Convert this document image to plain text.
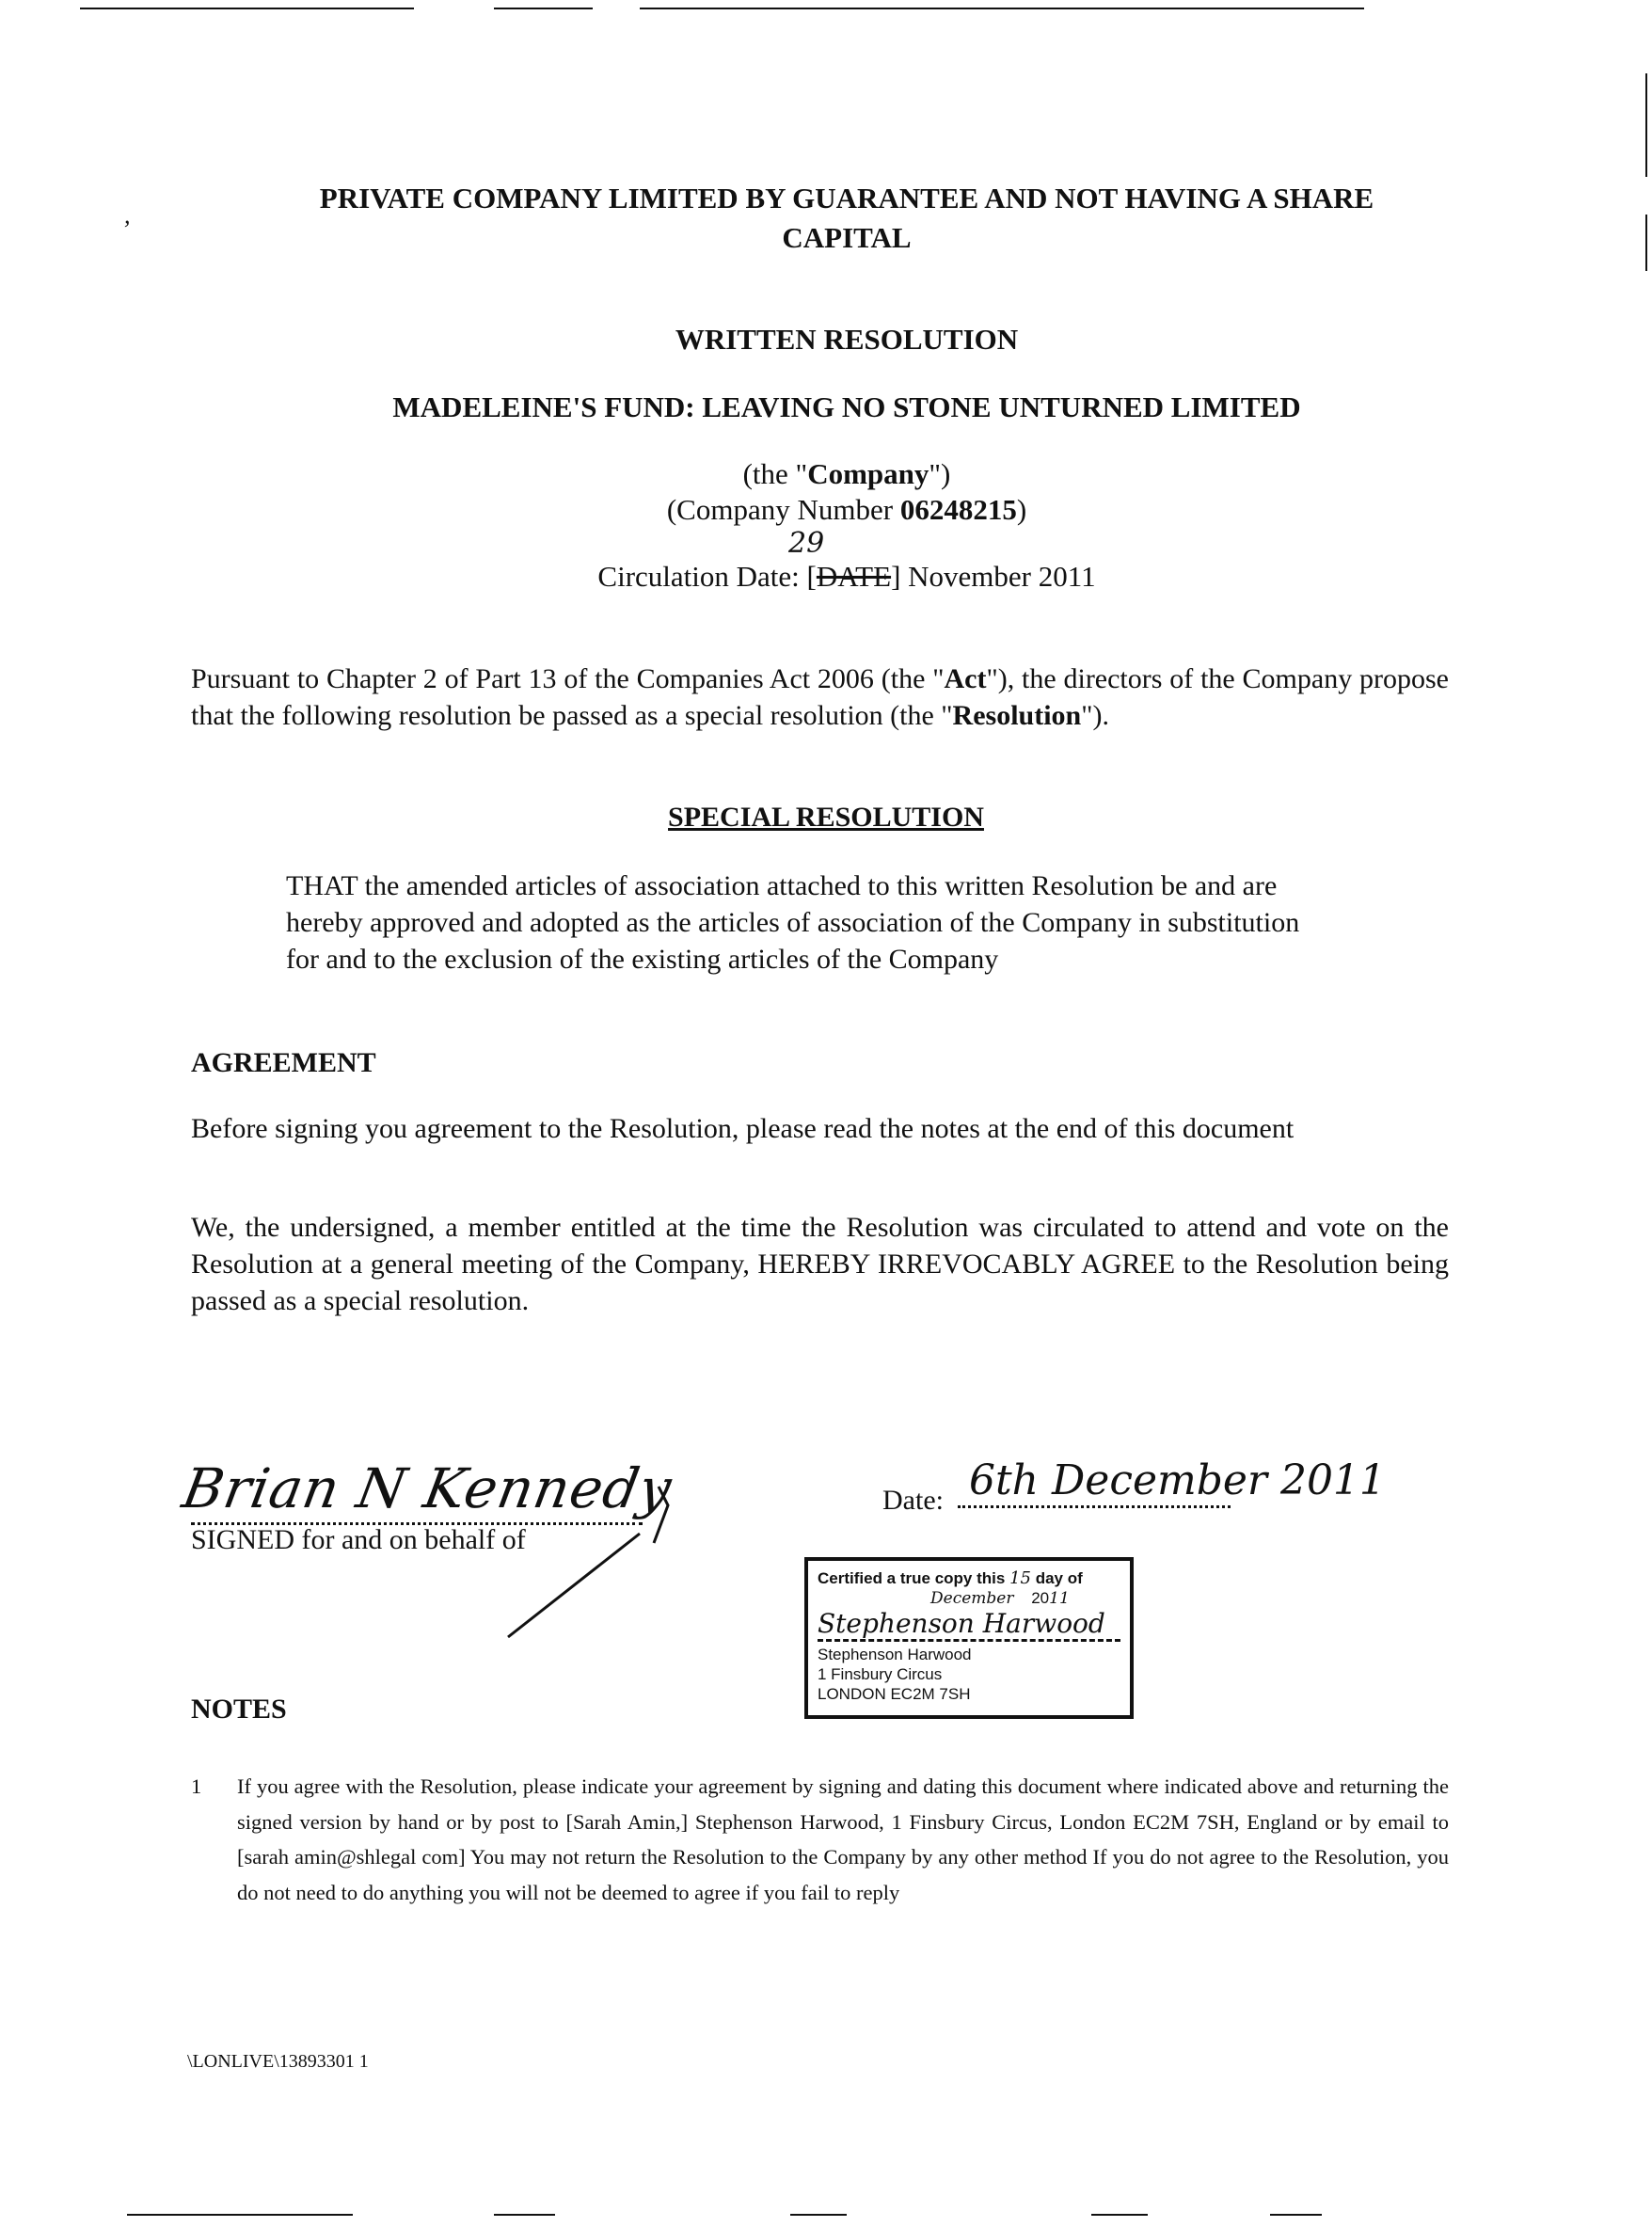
,
PRIVATE COMPANY LIMITED BY GUARANTEE AND NOT HAVING A SHARE
CAPITAL
WRITTEN RESOLUTION
MADELEINE'S FUND: LEAVING NO STONE UNTURNED LIMITED
(the "Company")
(Company Number 06248215)
29
Circulation Date: [DATE] November 2011
Pursuant to Chapter 2 of Part 13 of the Companies Act 2006 (the "Act"), the directors of the Company propose that the following resolution be passed as a special resolution (the "Resolution").
SPECIAL RESOLUTION
THAT the amended articles of association attached to this written Resolution be and are hereby approved and adopted as the articles of association of the Company in substitution for and to the exclusion of the existing articles of the Company
AGREEMENT
Before signing you agreement to the Resolution, please read the notes at the end of this document
We, the undersigned, a member entitled at the time the Resolution was circulated to attend and vote on the Resolution at a general meeting of the Company, HEREBY IRREVOCABLY AGREE to the Resolution being passed as a special resolution.
Brian N Kennedy
SIGNED for and on behalf of
Date: 6th December 2011
Certified a true copy this 15 day of
December 2011
Stephenson Harwood
Stephenson Harwood
1 Finsbury Circus
LONDON EC2M 7SH
NOTES
1 If you agree with the Resolution, please indicate your agreement by signing and dating this document where indicated above and returning the signed version by hand or by post to [Sarah Amin,] Stephenson Harwood, 1 Finsbury Circus, London EC2M 7SH, England or by email to [sarah amin@shlegal com] You may not return the Resolution to the Company by any other method If you do not agree to the Resolution, you do not need to do anything you will not be deemed to agree if you fail to reply
\LONLIVE\13893301 1
